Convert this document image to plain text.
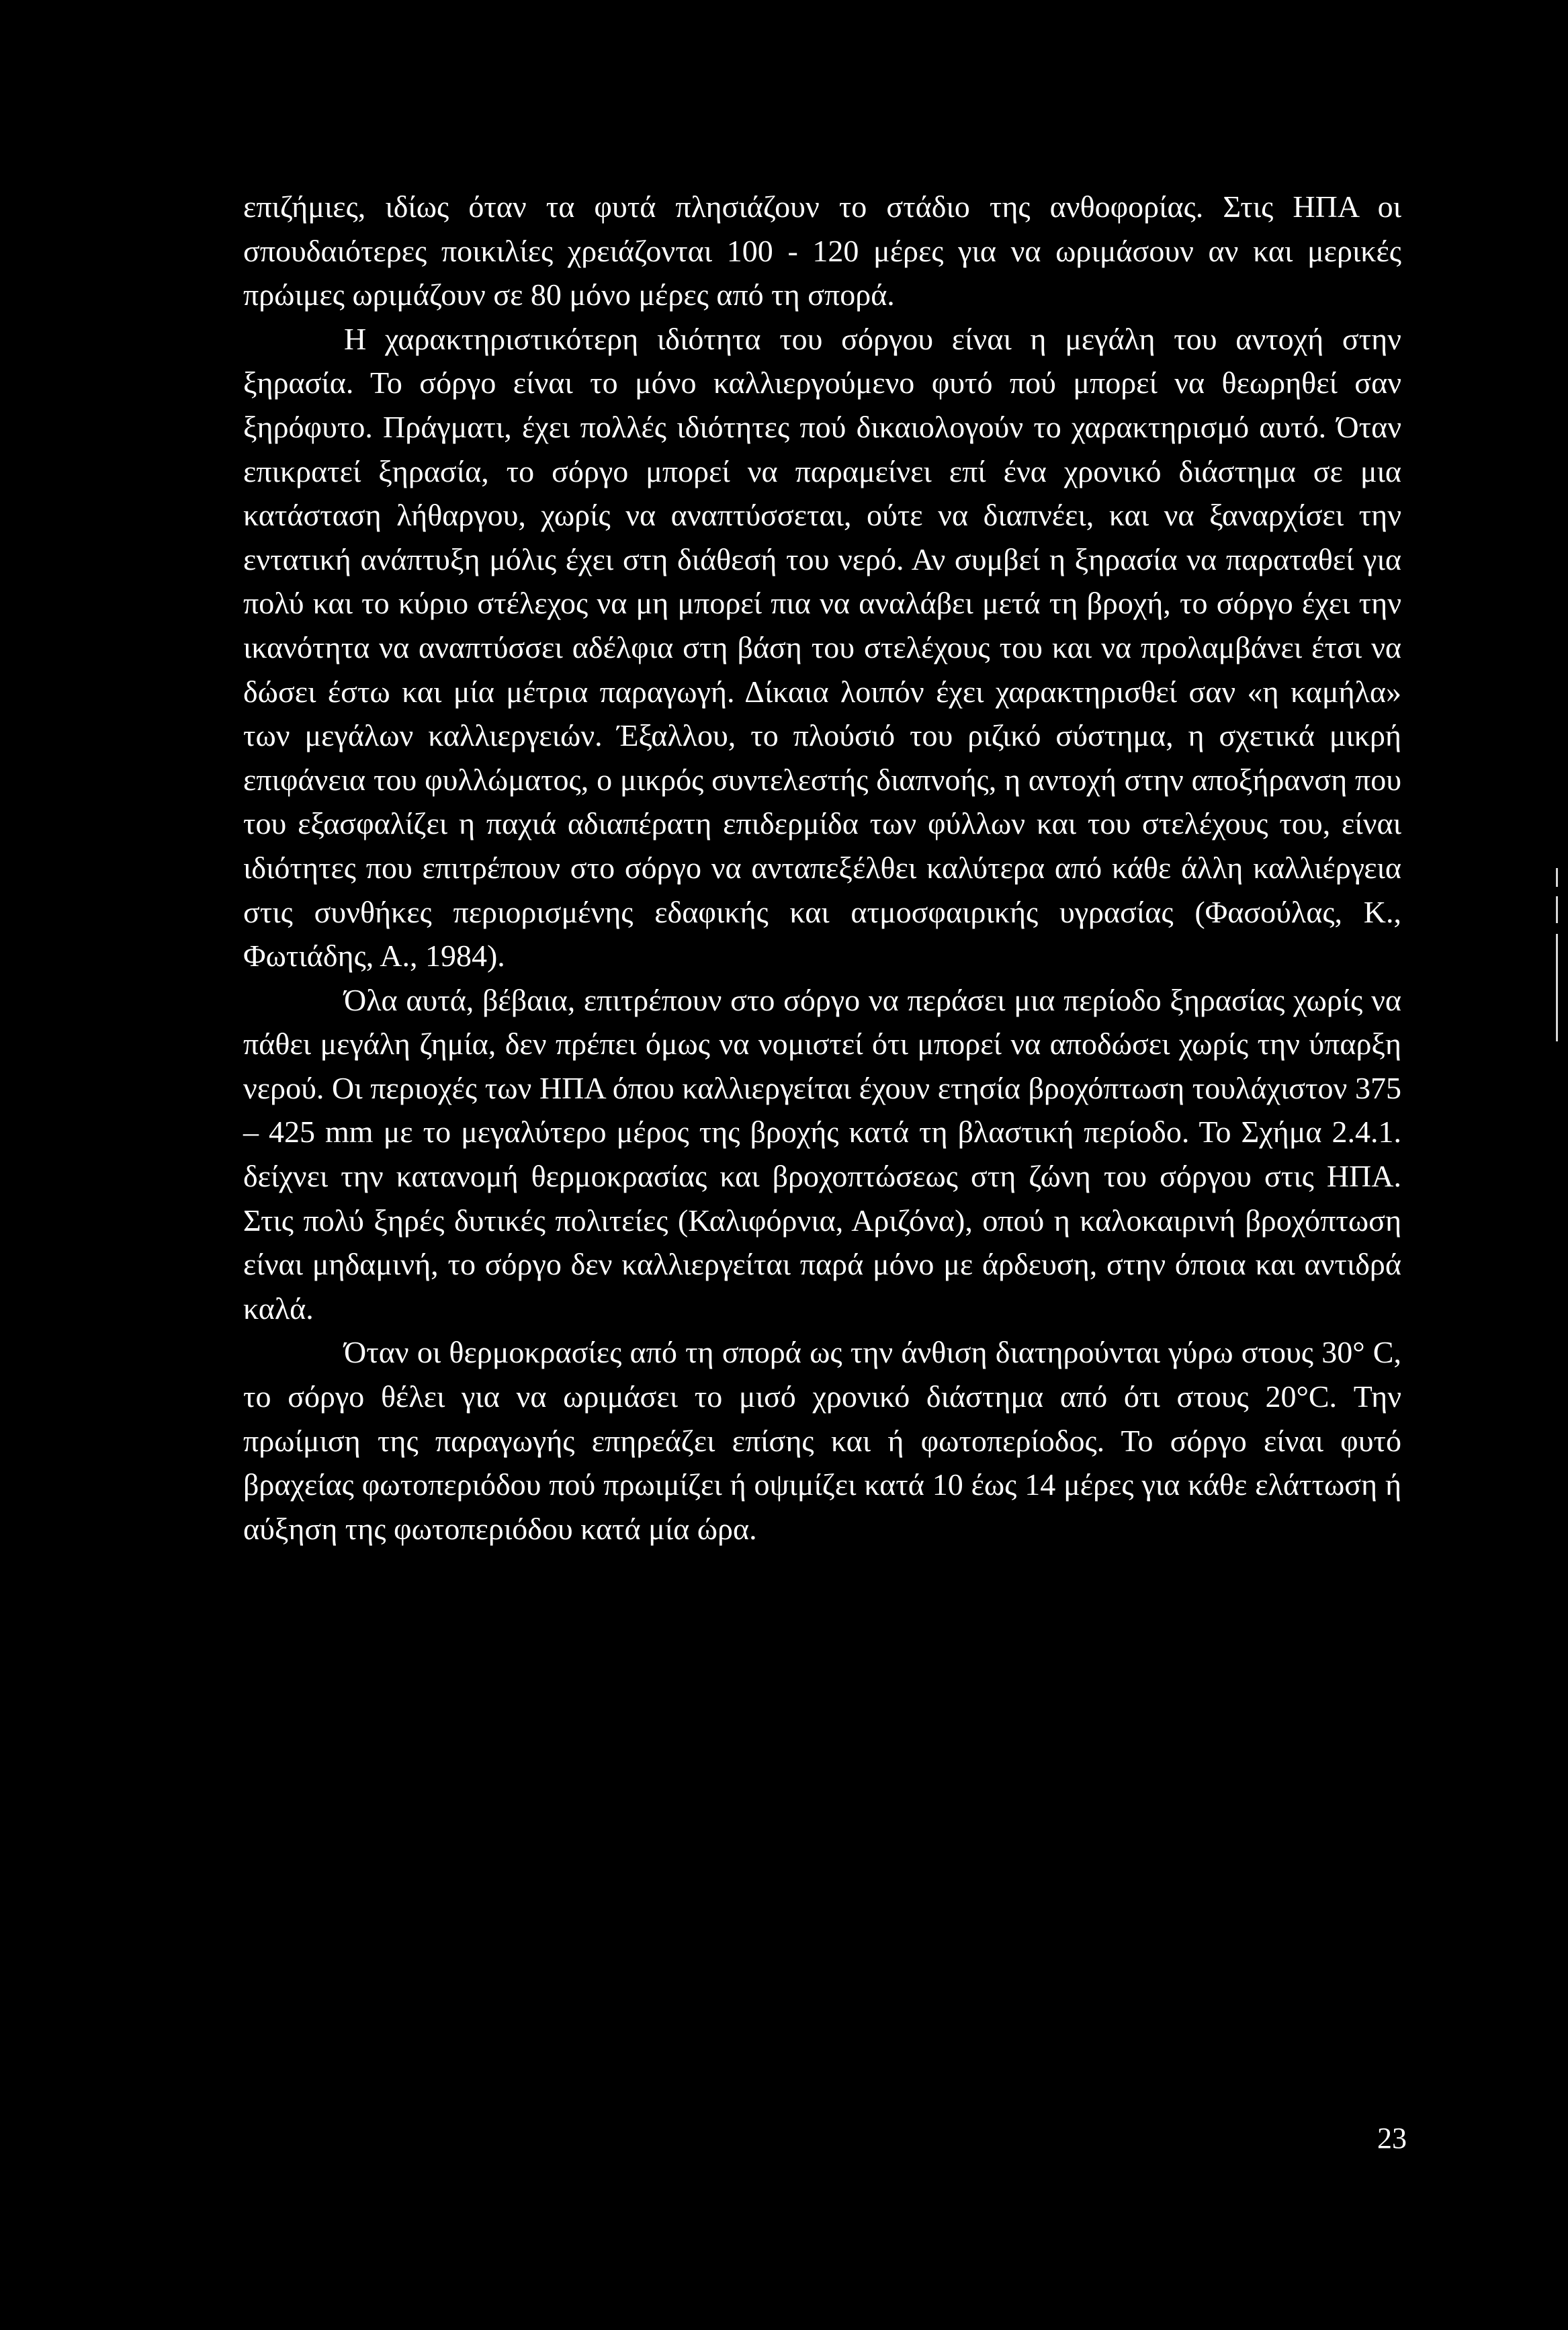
επιζήμιες, ιδίως όταν τα φυτά πλησιάζουν το στάδιο της ανθοφορίας. Στις ΗΠΑ οι σπουδαιότερες ποικιλίες χρειάζονται 100 - 120 μέρες για να ωριμάσουν αν και μερικές πρώιμες ωριμάζουν σε 80 μόνο μέρες από τη σπορά.

Η χαρακτηριστικότερη ιδιότητα του σόργου είναι η μεγάλη του αντοχή στην ξηρασία. Το σόργο είναι το μόνο καλλιεργούμενο φυτό πού μπορεί να θεωρηθεί σαν ξηρόφυτο. Πράγματι, έχει πολλές ιδιότητες πού δικαιολογούν το χαρακτηρισμό αυτό. Όταν επικρατεί ξηρασία, το σόργο μπορεί να παραμείνει επί ένα χρονικό διάστημα σε μια κατάσταση λήθαργου, χωρίς να αναπτύσσεται, ούτε να διαπνέει, και να ξαναρχίσει την εντατική ανάπτυξη μόλις έχει στη διάθεσή του νερό. Αν συμβεί η ξηρασία να παραταθεί για πολύ και το κύριο στέλεχος να μη μπορεί πια να αναλάβει μετά τη βροχή, το σόργο έχει την ικανότητα να αναπτύσσει αδέλφια στη βάση του στελέχους του και να προλαμβάνει έτσι να δώσει έστω και μία μέτρια παραγωγή. Δίκαια λοιπόν έχει χαρακτηρισθεί σαν «η καμήλα» των μεγάλων καλλιεργειών. Έξαλλου, το πλούσιό του ριζικό σύστημα, η σχετικά μικρή επιφάνεια του φυλλώματος, ο μικρός συντελεστής διαπνοής, η αντοχή στην αποξήρανση που του εξασφαλίζει η παχιά αδιαπέρατη επιδερμίδα των φύλλων και του στελέχους του, είναι ιδιότητες που επιτρέπουν στο σόργο να ανταπεξέλθει καλύτερα από κάθε άλλη καλλιέργεια στις συνθήκες περιορισμένης εδαφικής και ατμοσφαιρικής υγρασίας (Φασούλας, Κ., Φωτιάδης, Α., 1984).

Όλα αυτά, βέβαια, επιτρέπουν στο σόργο να περάσει μια περίοδο ξηρασίας χωρίς να πάθει μεγάλη ζημία, δεν πρέπει όμως να νομιστεί ότι μπορεί να αποδώσει χωρίς την ύπαρξη νερού. Οι περιοχές των ΗΠΑ όπου καλλιεργείται έχουν ετησία βροχόπτωση τουλάχιστον 375 – 425 mm με το μεγαλύτερο μέρος της βροχής κατά τη βλαστική περίοδο. Το Σχήμα 2.4.1. δείχνει την κατανομή θερμοκρασίας και βροχοπτώσεως στη ζώνη του σόργου στις ΗΠΑ. Στις πολύ ξηρές δυτικές πολιτείες (Καλιφόρνια, Αριζόνα), οπού η καλοκαιρινή βροχόπτωση είναι μηδαμινή, το σόργο δεν καλλιεργείται παρά μόνο με άρδευση, στην όποια και αντιδρά καλά.

Όταν οι θερμοκρασίες από τη σπορά ως την άνθιση διατηρούνται γύρω στους 30° C, το σόργο θέλει για να ωριμάσει το μισό χρονικό διάστημα από ότι στους 20°C. Την πρωίμιση της παραγωγής επηρεάζει επίσης και ή φωτοπερίοδος. Το σόργο είναι φυτό βραχείας φωτοπεριόδου πού πρωιμίζει ή οψιμίζει κατά 10 έως 14 μέρες για κάθε ελάττωση ή αύξηση της φωτοπεριόδου κατά μία ώρα.

23
